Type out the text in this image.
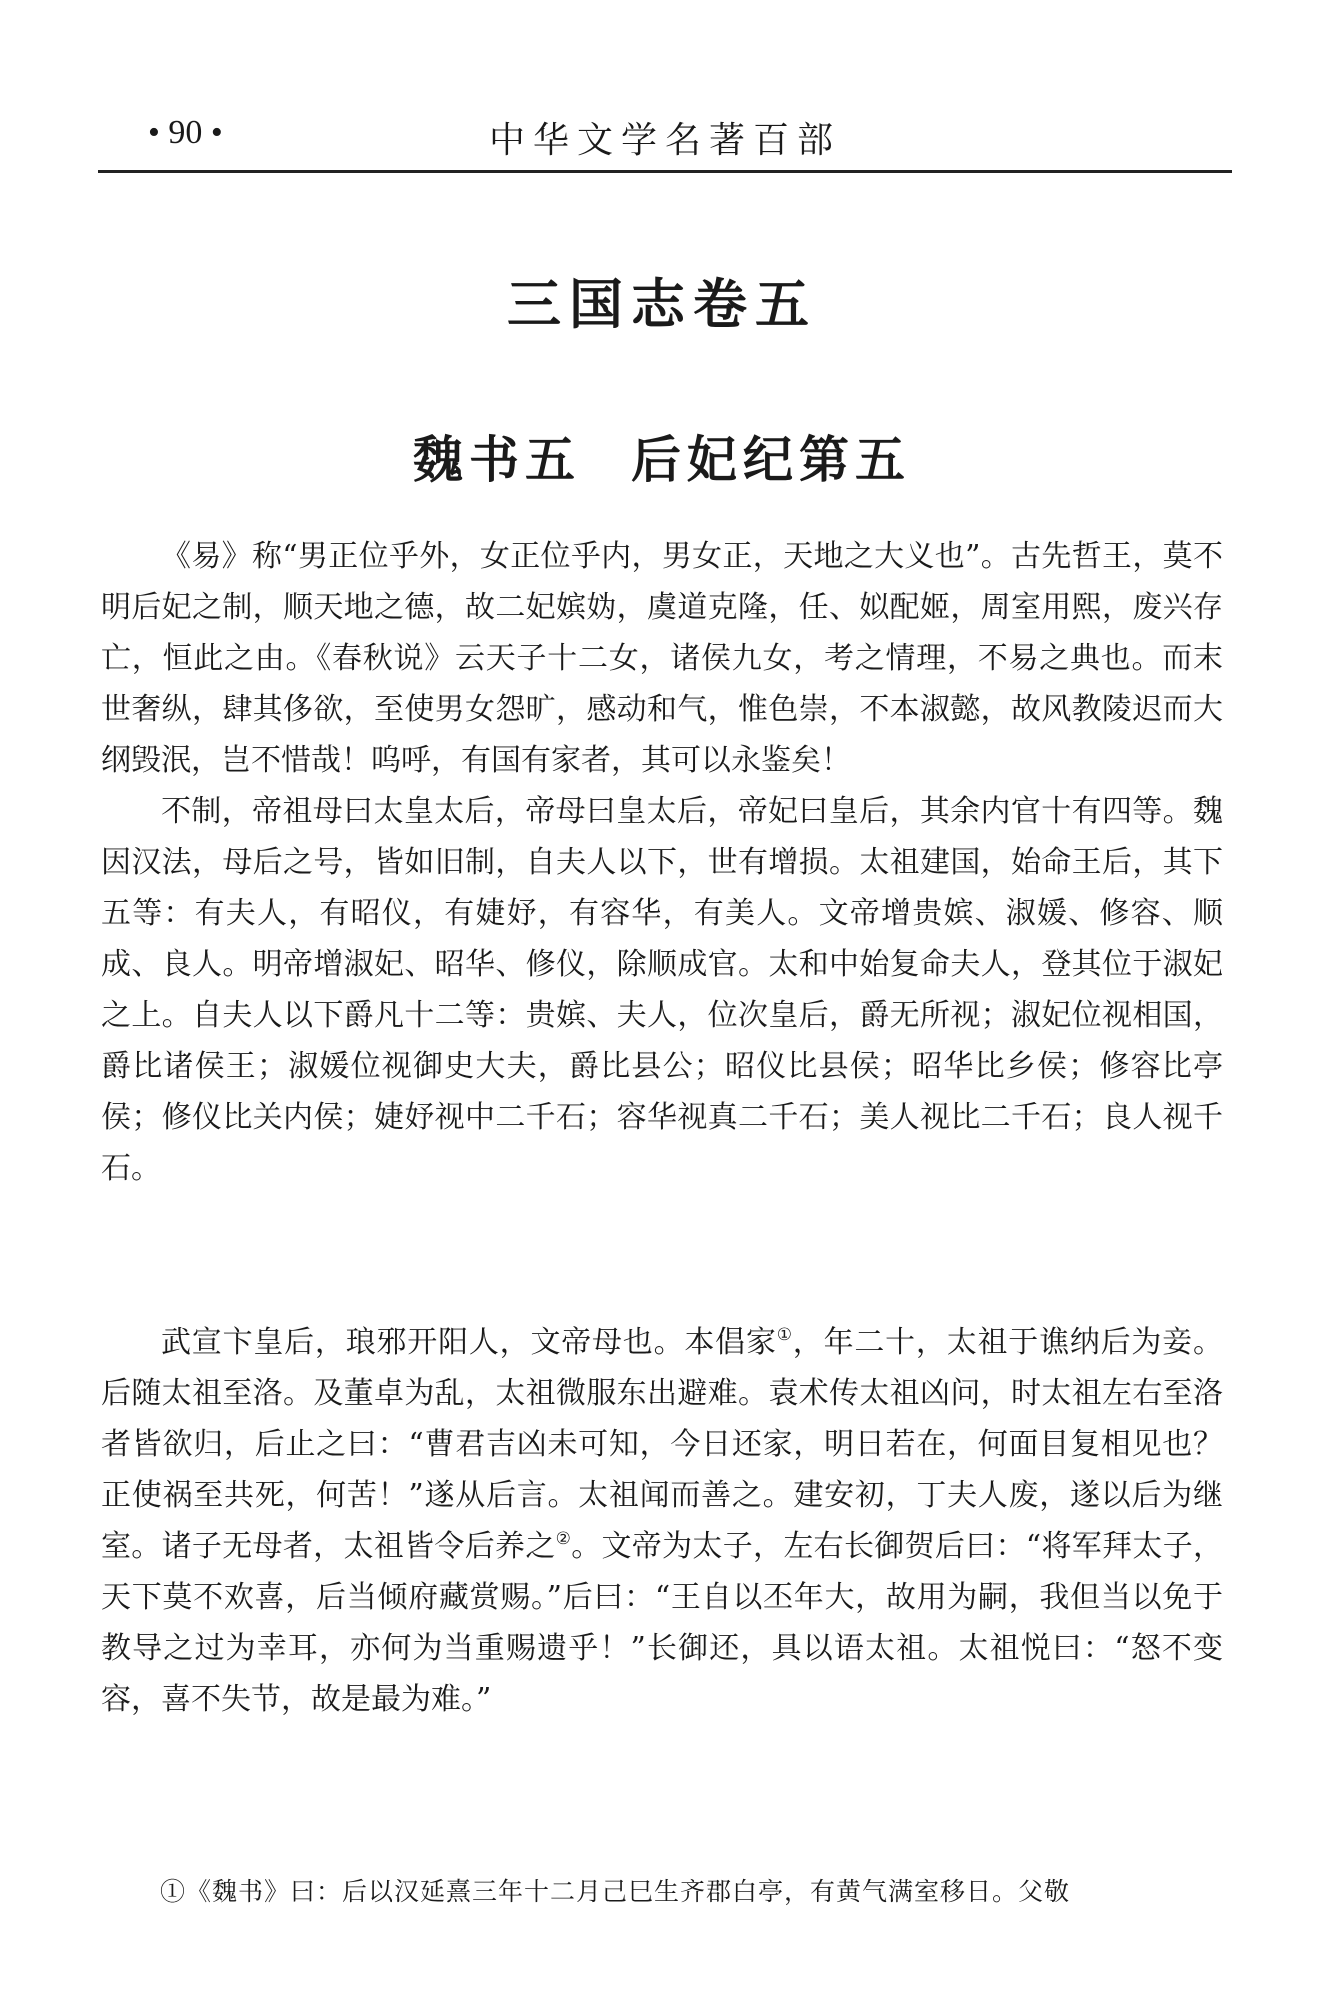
• 90 •	中华文学名著百部
三国志卷五
魏书五 后妃纪第五

《易》称“男正位乎外，女正位乎内，男女正，天地之大义也”。古先哲王，莫不明后妃之制，顺天地之德，故二妃嫔妫，虞道克隆，任、姒配姬，周室用熙，废兴存亡，恒此之由。《春秋说》云天子十二女，诸侯九女，考之情理，不易之典也。而末世奢纵，肆其侈欲，至使男女怨旷，感动和气，惟色崇，不本淑懿，故风教陵迟而大纲毁泯，岂不惜哉！呜呼，有国有家者，其可以永鉴矣！

不制，帝祖母曰太皇太后，帝母曰皇太后，帝妃曰皇后，其余内官十有四等。魏因汉法，母后之号，皆如旧制，自夫人以下，世有增损。太祖建国，始命王后，其下五等：有夫人，有昭仪，有婕妤，有容华，有美人。文帝增贵嫔、淑媛、修容、顺成、良人。明帝增淑妃、昭华、修仪，除顺成官。太和中始复命夫人，登其位于淑妃之上。自夫人以下爵凡十二等：贵嫔、夫人，位次皇后，爵无所视；淑妃位视相国，爵比诸侯王；淑媛位视御史大夫，爵比县公；昭仪比县侯；昭华比乡侯；修容比亭侯；修仪比关内侯；婕妤视中二千石；容华视真二千石；美人视比二千石；良人视千石。

武宣卞皇后，琅邪开阳人，文帝母也。本倡家①，年二十，太祖于谯纳后为妾。后随太祖至洛。及董卓为乱，太祖微服东出避难。袁术传太祖凶问，时太祖左右至洛者皆欲归，后止之曰：“曹君吉凶未可知，今日还家，明日若在，何面目复相见也？正使祸至共死，何苦！”遂从后言。太祖闻而善之。建安初，丁夫人废，遂以后为继室。诸子无母者，太祖皆令后养之②。文帝为太子，左右长御贺后曰：“将军拜太子，天下莫不欢喜，后当倾府藏赏赐。”后曰：“王自以丕年大，故用为嗣，我但当以免于教导之过为幸耳，亦何为当重赐遗乎！”长御还，具以语太祖。太祖悦曰：“怒不变容，喜不失节，故是最为难。”

①《魏书》曰：后以汉延熹三年十二月己巳生齐郡白亭，有黄气满室移日。父敬
